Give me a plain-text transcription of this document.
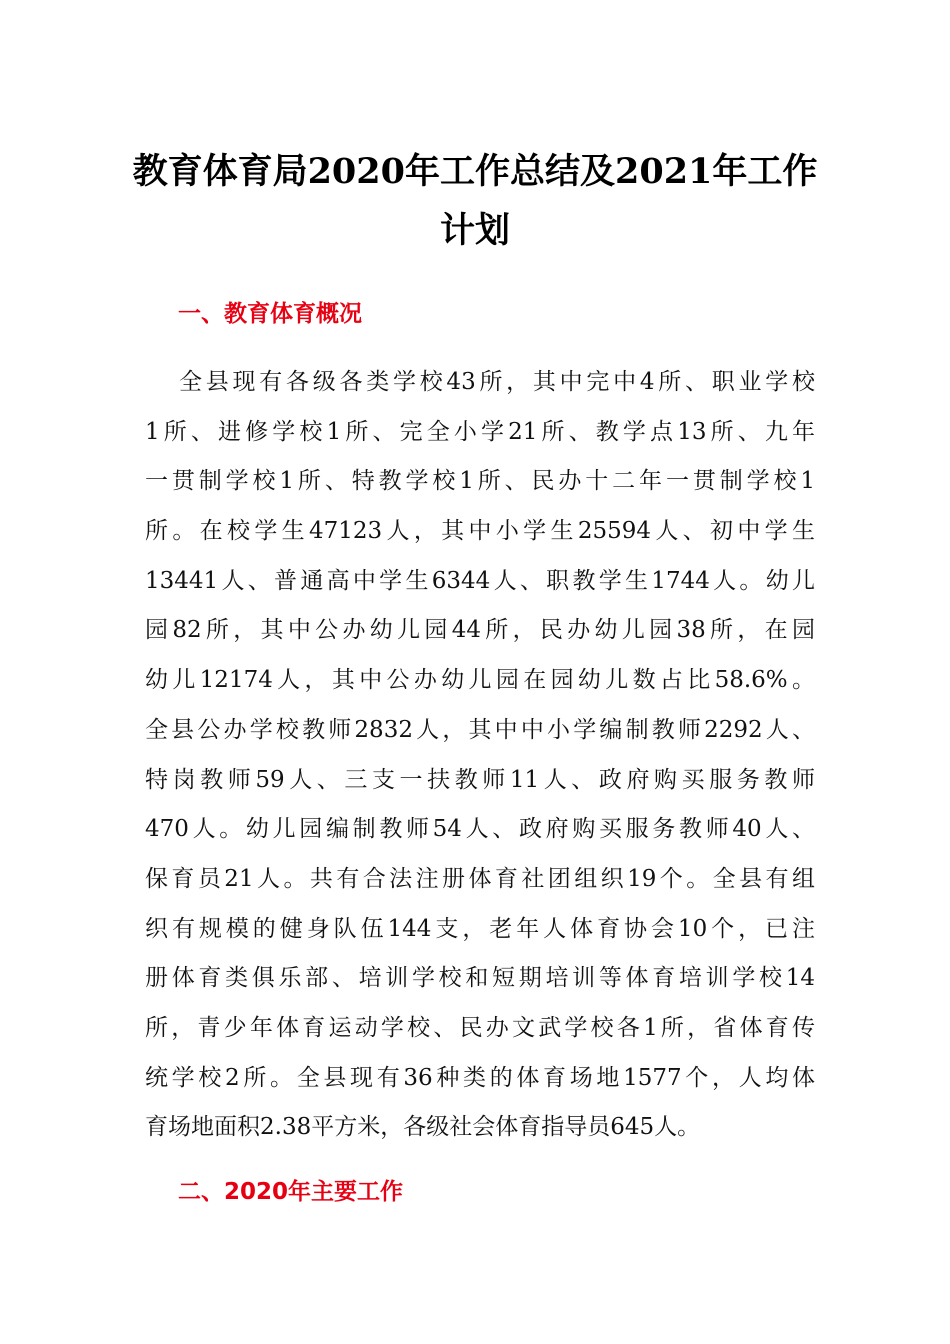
教育体育局2020年工作总结及2021年工作
计划
一、教育体育概况

全县现有各级各类学校43所，其中完中4所、职业学校
1所、进修学校1所、完全小学21所、教学点13所、九年
一贯制学校1所、特教学校1所、民办十二年一贯制学校1
所。在校学生47123人，其中小学生25594人、初中学生
13441人、普通高中学生6344人、职教学生1744人。幼儿
园82所，其中公办幼儿园44所，民办幼儿园38所，在园
幼儿12174人，其中公办幼儿园在园幼儿数占比58.6%。
全县公办学校教师2832人，其中中小学编制教师2292人、
特岗教师59人、三支一扶教师11人、政府购买服务教师
470人。幼儿园编制教师54人、政府购买服务教师40人、
保育员21人。共有合法注册体育社团组织19个。全县有组
织有规模的健身队伍144支，老年人体育协会10个，已注
册体育类俱乐部、培训学校和短期培训等体育培训学校14
所，青少年体育运动学校、民办文武学校各1所，省体育传
统学校2所。全县现有36种类的体育场地1577个，人均体
育场地面积2.38平方米，各级社会体育指导员645人。

二、2020年主要工作
